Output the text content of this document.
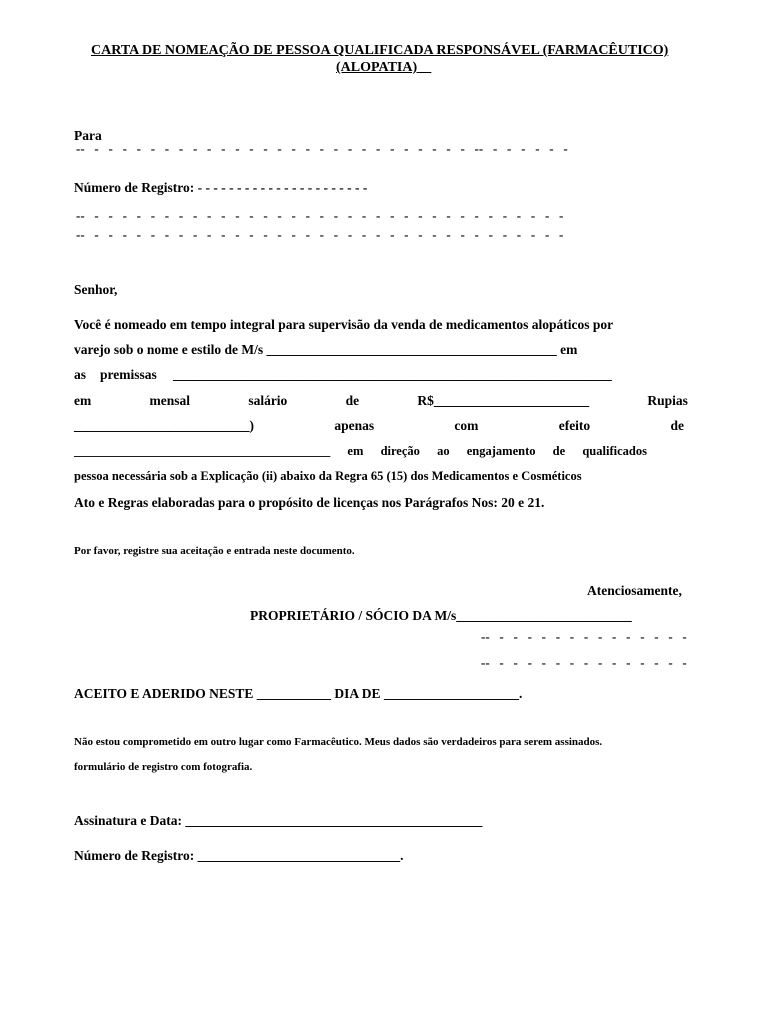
CARTA DE NOMEAÇÃO DE PESSOA QUALIFICADA RESPONSÁVEL (FARMACÊUTICO)
(ALOPATIA)__
Para
--   -   -   -   -   -   -   -   -   -   -   -   -   -   -   -   -   -   -   -   -   -   -   -   -   -   -   -   --   -   -   -   -   -   -
Número de Registro: - - - - - - - - - - - - - - - - - - - - - -
--   -   -   -   -   -   -   -   -   -   -   -   -   -   -   -   -   -   -   -   -   -   -   -   -   -   -   -   -   -   -   -   -   -   -
--   -   -   -   -   -   -   -   -   -   -   -   -   -   -   -   -   -   -   -   -   -   -   -   -   -   -   -   -   -   -   -   -   -   -
Senhor,
Você é nomeado em tempo integral para supervisão da venda de medicamentos alopáticos por
varejo sob o nome e estilo de M/s ___________________________________________ em
as premissas _________________________________________________________________
em	mensal	salário	de	R$_______________________	Rupias
__________________________)	apenas	com	efeito	de
_________________________________________ em direção ao engajamento de qualificados
pessoa necessária sob a Explicação (ii) abaixo da Regra 65 (15) dos Medicamentos e Cosméticos
Ato e Regras elaboradas para o propósito de licenças nos Parágrafos Nos: 20 e 21.
Por favor, registre sua aceitação e entrada neste documento.
Atenciosamente,
PROPRIETÁRIO / SÓCIO DA M/s__________________________
--   -   -   -   -   -   -   -   -   -   -   -   -   -   -
--   -   -   -   -   -   -   -   -   -   -   -   -   -   -
ACEITO E ADERIDO NESTE ___________ DIA DE ____________________.
Não estou comprometido em outro lugar como Farmacêutico. Meus dados são verdadeiros para serem assinados.
formulário de registro com fotografia.
Assinatura e Data: ____________________________________________
Número de Registro: ______________________________.
